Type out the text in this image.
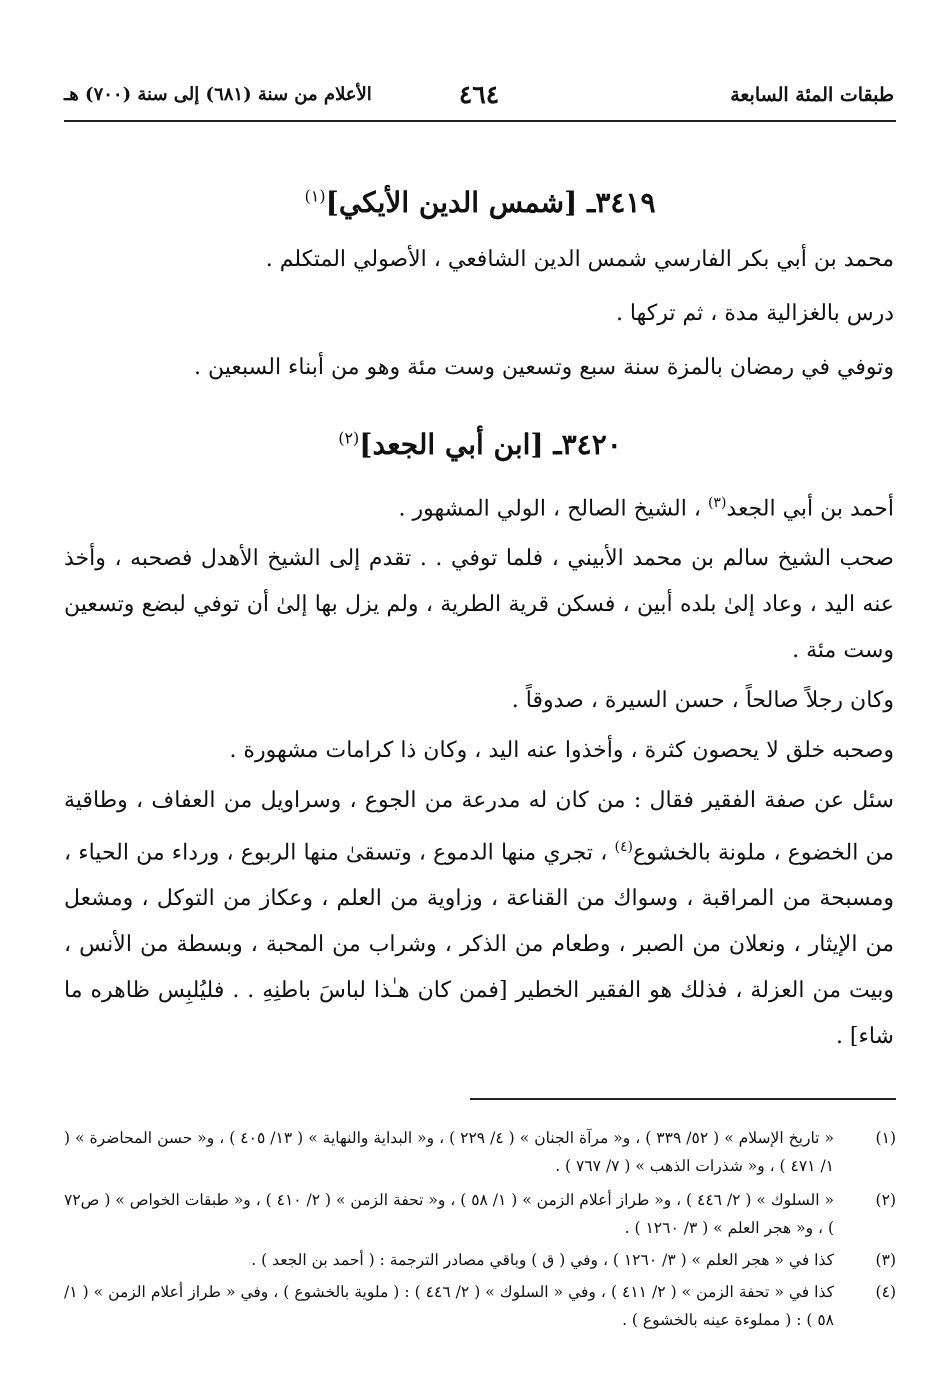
طبقات المئة السابعة
٤٦٤
الأعلام من سنة (٦٨١) إلى سنة (٧٠٠) هـ
٣٤١٩ـ [شمس الدين الأيكي]$^{(١)}$
محمد بن أبي بكر الفارسي شمس الدين الشافعي ، الأصولي المتكلم .
درس بالغزالية مدة ، ثم تركها .
وتوفي في رمضان بالمزة سنة سبع وتسعين وست مئة وهو من أبناء السبعين .
٣٤٢٠ـ [ابن أبي الجعد]$^{(٢)}$
أحمد بن أبي الجعد$^{(٣)}$ ، الشيخ الصالح ، الولي المشهور .
صحب الشيخ سالم بن محمد الأبيني ، فلما توفي . . تقدم إلى الشيخ الأهدل فصحبه ، وأخذ عنه اليد ، وعاد إلىٰ بلده أبين ، فسكن قرية الطرية ، ولم يزل بها إلىٰ أن توفي لبضع وتسعين وست مئة .
وكان رجلاً صالحاً ، حسن السيرة ، صدوقاً .
وصحبه خلق لا يحصون كثرة ، وأخذوا عنه اليد ، وكان ذا كرامات مشهورة .
سئل عن صفة الفقير فقال : من كان له مدرعة من الجوع ، وسراويل من العفاف ، وطاقية من الخضوع ، ملونة بالخشوع$^{(٤)}$ ، تجري منها الدموع ، وتسقىٰ منها الربوع ، ورداء من الحياء ، ومسبحة من المراقبة ، وسواك من القناعة ، وزاوية من العلم ، وعكاز من التوكل ، ومشعل من الإيثار ، ونعلان من الصبر ، وطعام من الذكر ، وشراب من المحبة ، وبسطة من الأنس ، وبيت من العزلة ، فذلك هو الفقير الخطير [فمن كان هـٰذا لباسَ باطنِهِ . . فليُلبِس ظاهره ما شاء] .
(١)
« تاريخ الإسلام » ( ٥٢/ ٣٣٩ ) ، و« مرآة الجنان » ( ٤/ ٢٢٩ ) ، و« البداية والنهاية » ( ١٣/ ٤٠٥ ) ، و« حسن المحاضرة » ( ١/ ٤٧١ ) ، و« شذرات الذهب » ( ٧/ ٧٦٧ ) .
(٢)
« السلوك » ( ٢/ ٤٤٦ ) ، و« طراز أعلام الزمن » ( ١/ ٥٨ ) ، و« تحفة الزمن » ( ٢/ ٤١٠ ) ، و« طبقات الخواص » ( ص٧٢ ) ، و« هجر العلم » ( ٣/ ١٢٦٠ ) .
(٣)
كذا في « هجر العلم » ( ٣/ ١٢٦٠ ) ، وفي ( ق ) وباقي مصادر الترجمة : ( أحمد بن الجعد ) .
(٤)
كذا في « تحفة الزمن » ( ٢/ ٤١١ ) ، وفي « السلوك » ( ٢/ ٤٤٦ ) : ( ملوية بالخشوع ) ، وفي « طراز أعلام الزمن » ( ١/ ٥٨ ) : ( مملوءة عينه بالخشوع ) .
